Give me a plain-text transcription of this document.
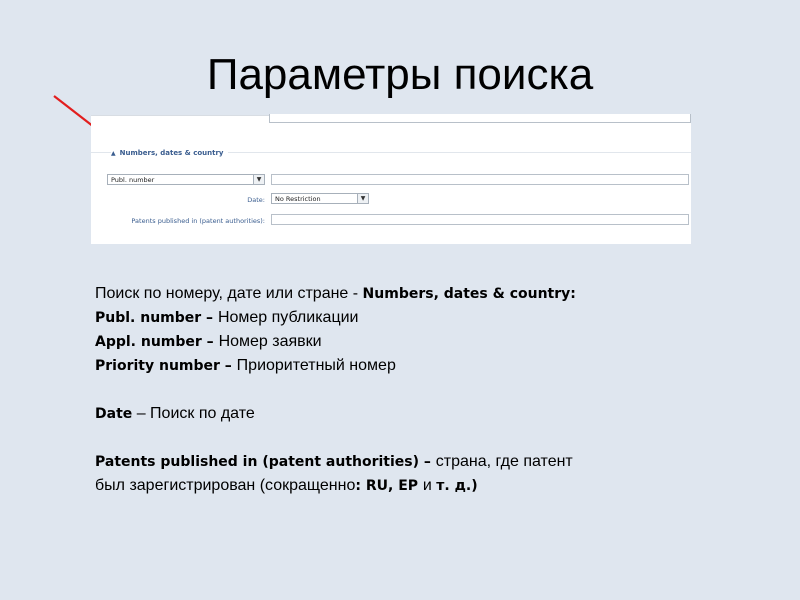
Параметры поиска
▲ Numbers, dates & country
Publ. number	▼
Date:	No Restriction	▼
Patents published in (patent authorities):
Поиск по номеру, дате или стране - Numbers, dates & country:
Publ. number – Номер публикации
Appl. number – Номер заявки
Priority number – Приоритетный номер
Date – Поиск по дате
Patents published in (patent authorities) – страна, где патент
был зарегистрирован (сокращенно: RU, EP и т. д.)
